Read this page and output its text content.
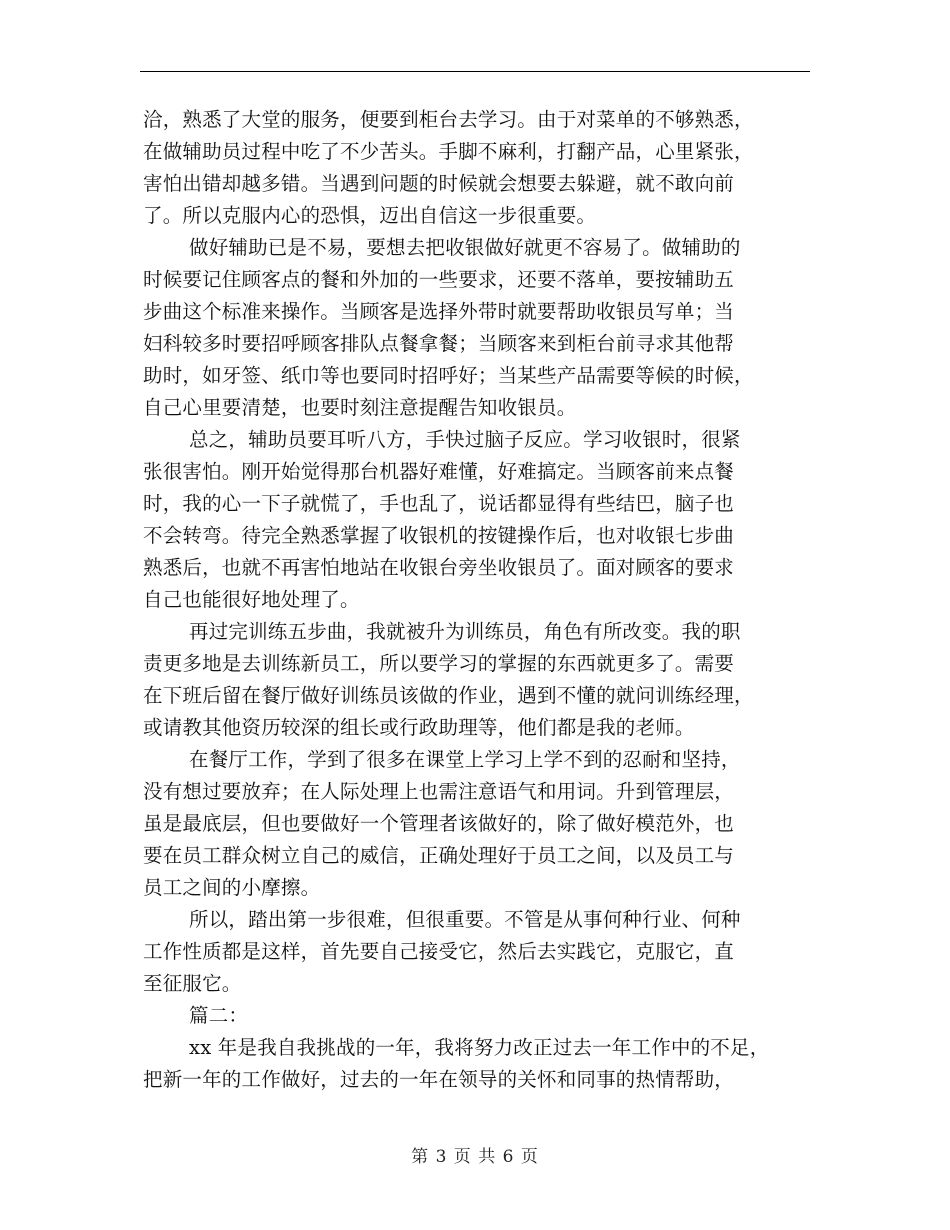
洽，熟悉了大堂的服务，便要到柜台去学习。由于对菜单的不够熟悉，
在做辅助员过程中吃了不少苦头。手脚不麻利，打翻产品，心里紧张，
害怕出错却越多错。当遇到问题的时候就会想要去躲避，就不敢向前
了。所以克服内心的恐惧，迈出自信这一步很重要。
做好辅助已是不易，要想去把收银做好就更不容易了。做辅助的
时候要记住顾客点的餐和外加的一些要求，还要不落单，要按辅助五
步曲这个标准来操作。当顾客是选择外带时就要帮助收银员写单；当
妇科较多时要招呼顾客排队点餐拿餐；当顾客来到柜台前寻求其他帮
助时，如牙签、纸巾等也要同时招呼好；当某些产品需要等候的时候，
自己心里要清楚，也要时刻注意提醒告知收银员。
总之，辅助员要耳听八方，手快过脑子反应。学习收银时，很紧
张很害怕。刚开始觉得那台机器好难懂，好难搞定。当顾客前来点餐
时，我的心一下子就慌了，手也乱了，说话都显得有些结巴，脑子也
不会转弯。待完全熟悉掌握了收银机的按键操作后，也对收银七步曲
熟悉后，也就不再害怕地站在收银台旁坐收银员了。面对顾客的要求
自己也能很好地处理了。
再过完训练五步曲，我就被升为训练员，角色有所改变。我的职
责更多地是去训练新员工，所以要学习的掌握的东西就更多了。需要
在下班后留在餐厅做好训练员该做的作业，遇到不懂的就问训练经理，
或请教其他资历较深的组长或行政助理等，他们都是我的老师。
在餐厅工作，学到了很多在课堂上学习上学不到的忍耐和坚持，
没有想过要放弃；在人际处理上也需注意语气和用词。升到管理层，
虽是最底层，但也要做好一个管理者该做好的，除了做好模范外，也
要在员工群众树立自己的威信，正确处理好于员工之间，以及员工与
员工之间的小摩擦。
所以，踏出第一步很难，但很重要。不管是从事何种行业、何种
工作性质都是这样，首先要自己接受它，然后去实践它，克服它，直
至征服它。
篇二：
xx 年是我自我挑战的一年，我将努力改正过去一年工作中的不足，
把新一年的工作做好，过去的一年在领导的关怀和同事的热情帮助，
第 3 页 共 6 页
